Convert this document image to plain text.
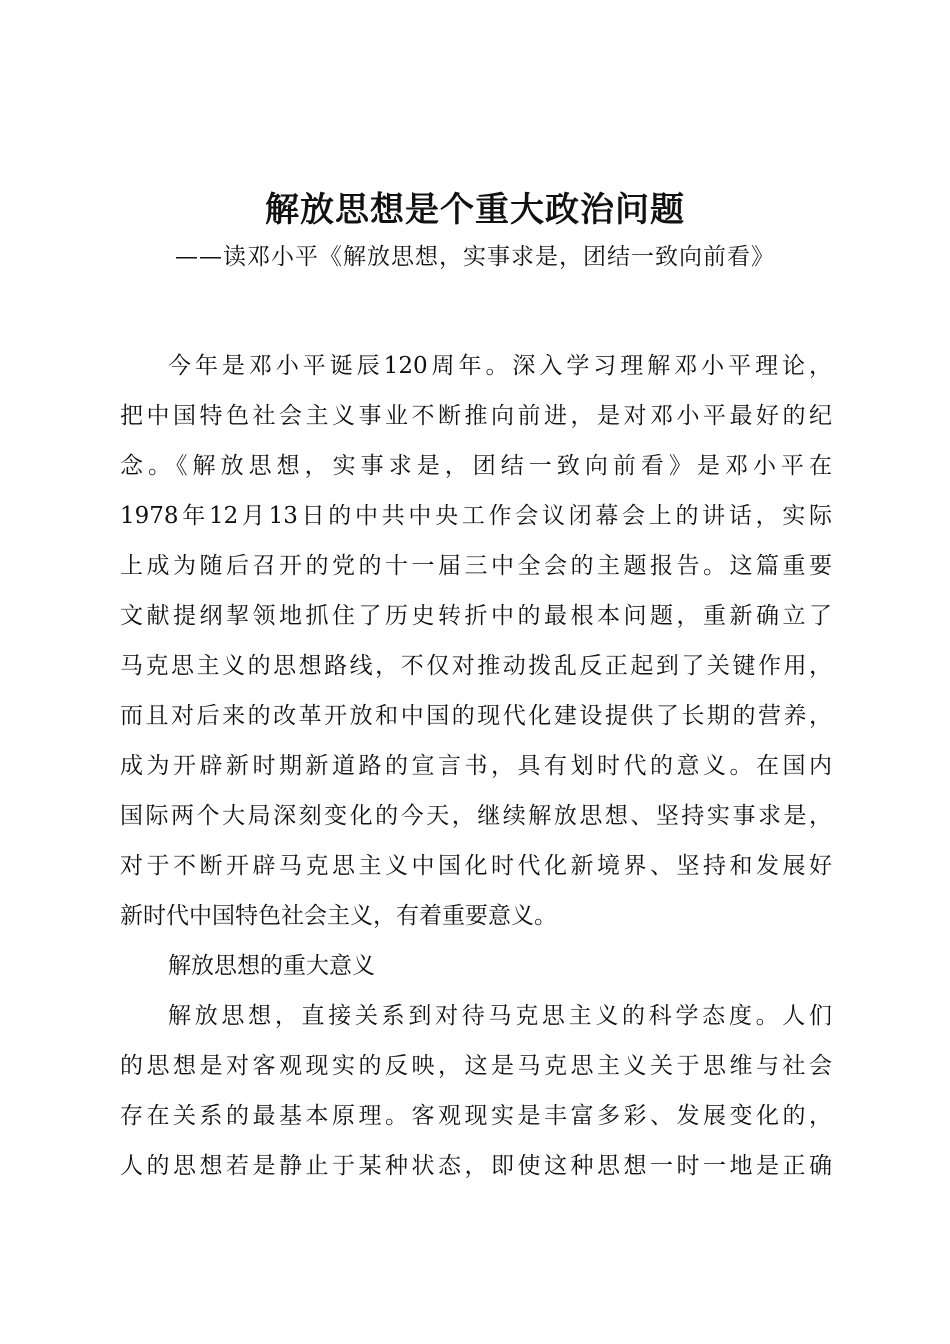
解放思想是个重大政治问题

——读邓小平《解放思想，实事求是，团结一致向前看》

今年是邓小平诞辰120周年。深入学习理解邓小平理论，
把中国特色社会主义事业不断推向前进，是对邓小平最好的纪
念。《解放思想，实事求是，团结一致向前看》是邓小平在
1978年12月13日的中共中央工作会议闭幕会上的讲话，实际
上成为随后召开的党的十一届三中全会的主题报告。这篇重要
文献提纲挈领地抓住了历史转折中的最根本问题，重新确立了
马克思主义的思想路线，不仅对推动拨乱反正起到了关键作用，
而且对后来的改革开放和中国的现代化建设提供了长期的营养，
成为开辟新时期新道路的宣言书，具有划时代的意义。在国内
国际两个大局深刻变化的今天，继续解放思想、坚持实事求是，
对于不断开辟马克思主义中国化时代化新境界、坚持和发展好
新时代中国特色社会主义，有着重要意义。
解放思想的重大意义
解放思想，直接关系到对待马克思主义的科学态度。人们
的思想是对客观现实的反映，这是马克思主义关于思维与社会
存在关系的最基本原理。客观现实是丰富多彩、发展变化的，
人的思想若是静止于某种状态，即使这种思想一时一地是正确
